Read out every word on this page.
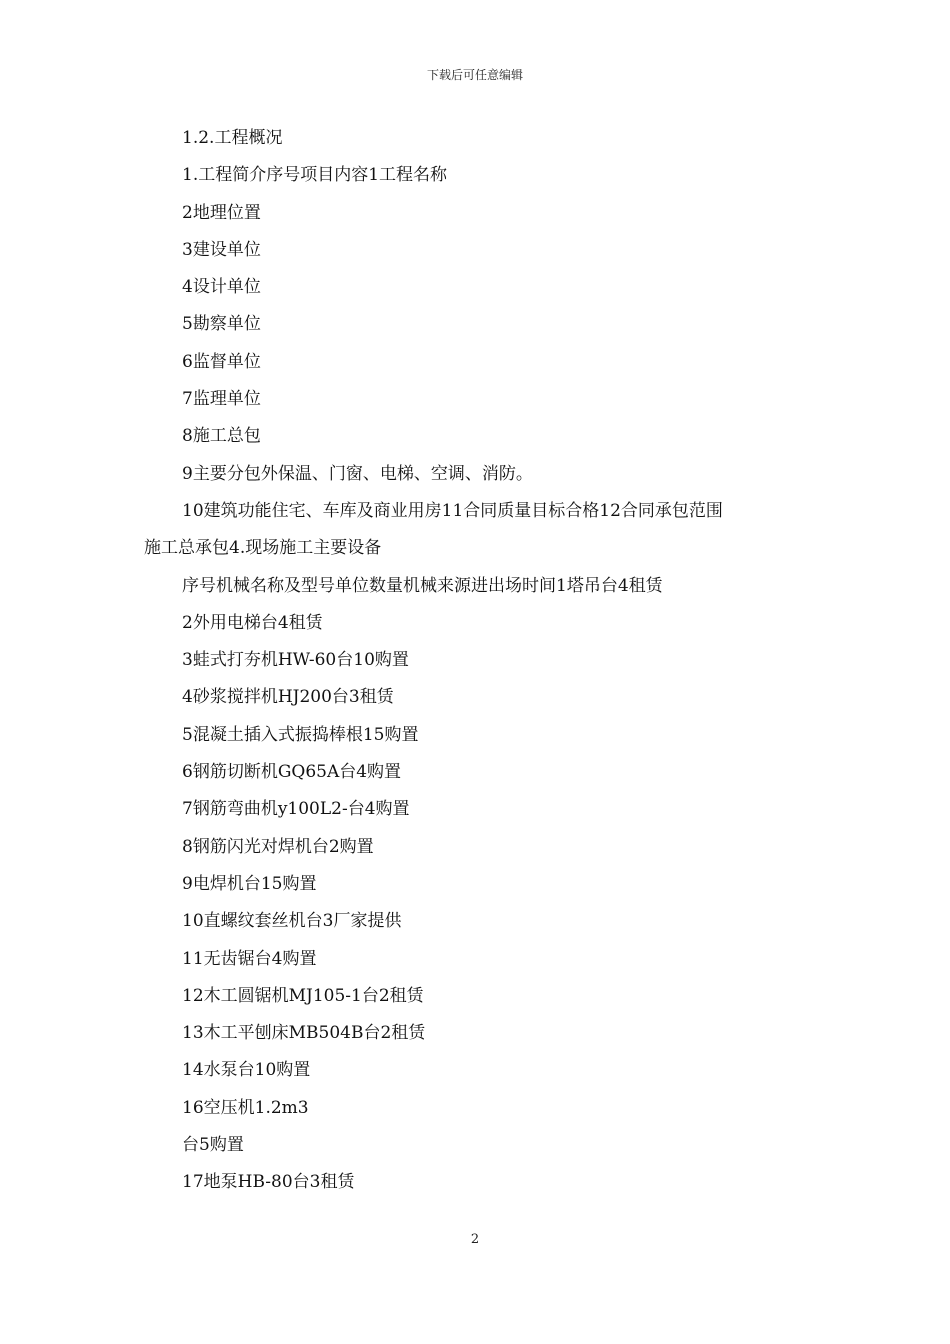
下载后可任意编辑
1.2.工程概况
1.工程简介序号项目内容1工程名称
2地理位置
3建设单位
4设计单位
5勘察单位
6监督单位
7监理单位
8施工总包
9主要分包外保温、门窗、电梯、空调、消防。
10建筑功能住宅、车库及商业用房11合同质量目标合格12合同承包范围
施工总承包4.现场施工主要设备
序号机械名称及型号单位数量机械来源进出场时间1塔吊台4租赁
2外用电梯台4租赁
3蛙式打夯机HW-60台10购置
4砂浆搅拌机HJ200台3租赁
5混凝土插入式振捣棒根15购置
6钢筋切断机GQ65A台4购置
7钢筋弯曲机y100L2-台4购置
8钢筋闪光对焊机台2购置
9电焊机台15购置
10直螺纹套丝机台3厂家提供
11无齿锯台4购置
12木工圆锯机MJ105-1台2租赁
13木工平刨床MB504B台2租赁
14水泵台10购置
16空压机1.2m3
台5购置
17地泵HB-80台3租赁
2
